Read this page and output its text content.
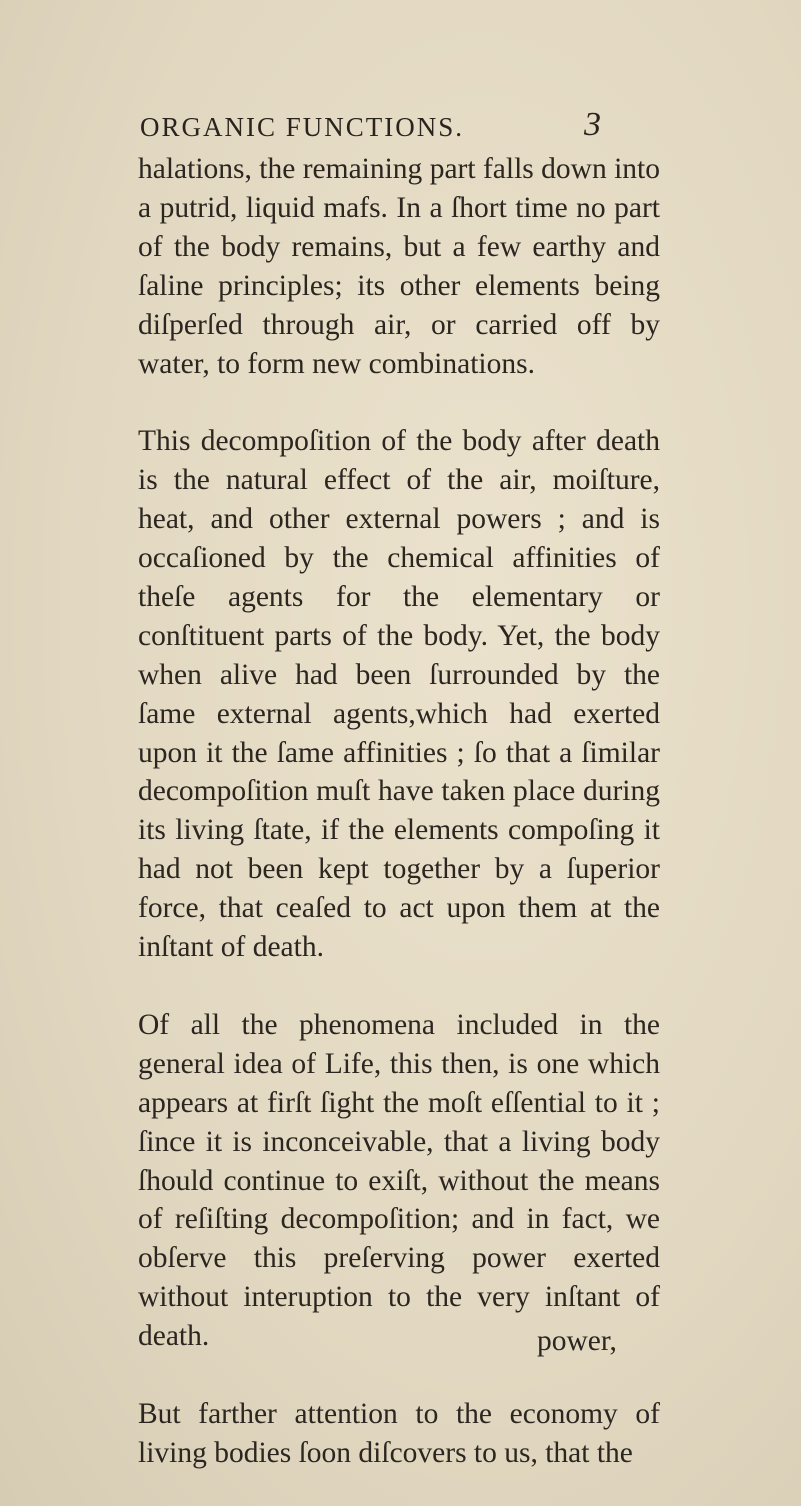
ORGANIC FUNCTIONS.	3

halations, the remaining part falls down into a putrid, liquid mafs. In a ſhort time no part of the body remains, but a few earthy and ſaline principles; its other elements being diſperſed through air, or carried off by water, to form new combinations.

This decompoſition of the body after death is the natural effect of the air, moiſture, heat, and other external powers ; and is occaſioned by the chemical affinities of theſe agents for the elementary or conſtituent parts of the body. Yet, the body when alive had been ſurrounded by the ſame external agents,which had exerted upon it the ſame affinities ; ſo that a ſimilar decompoſition muſt have taken place during its living ſtate, if the elements compoſing it had not been kept together by a ſuperior force, that ceaſed to act upon them at the inſtant of death.

Of all the phenomena included in the general idea of Life, this then, is one which appears at firſt ſight the moſt eſſential to it ; ſince it is inconceivable, that a living body ſhould continue to exiſt, without the means of reſiſting decompoſition; and in fact, we obſerve this preſerving power exerted without interuption to the very inſtant of death.

But farther attention to the economy of living bodies ſoon diſcovers to us, that the

power,
